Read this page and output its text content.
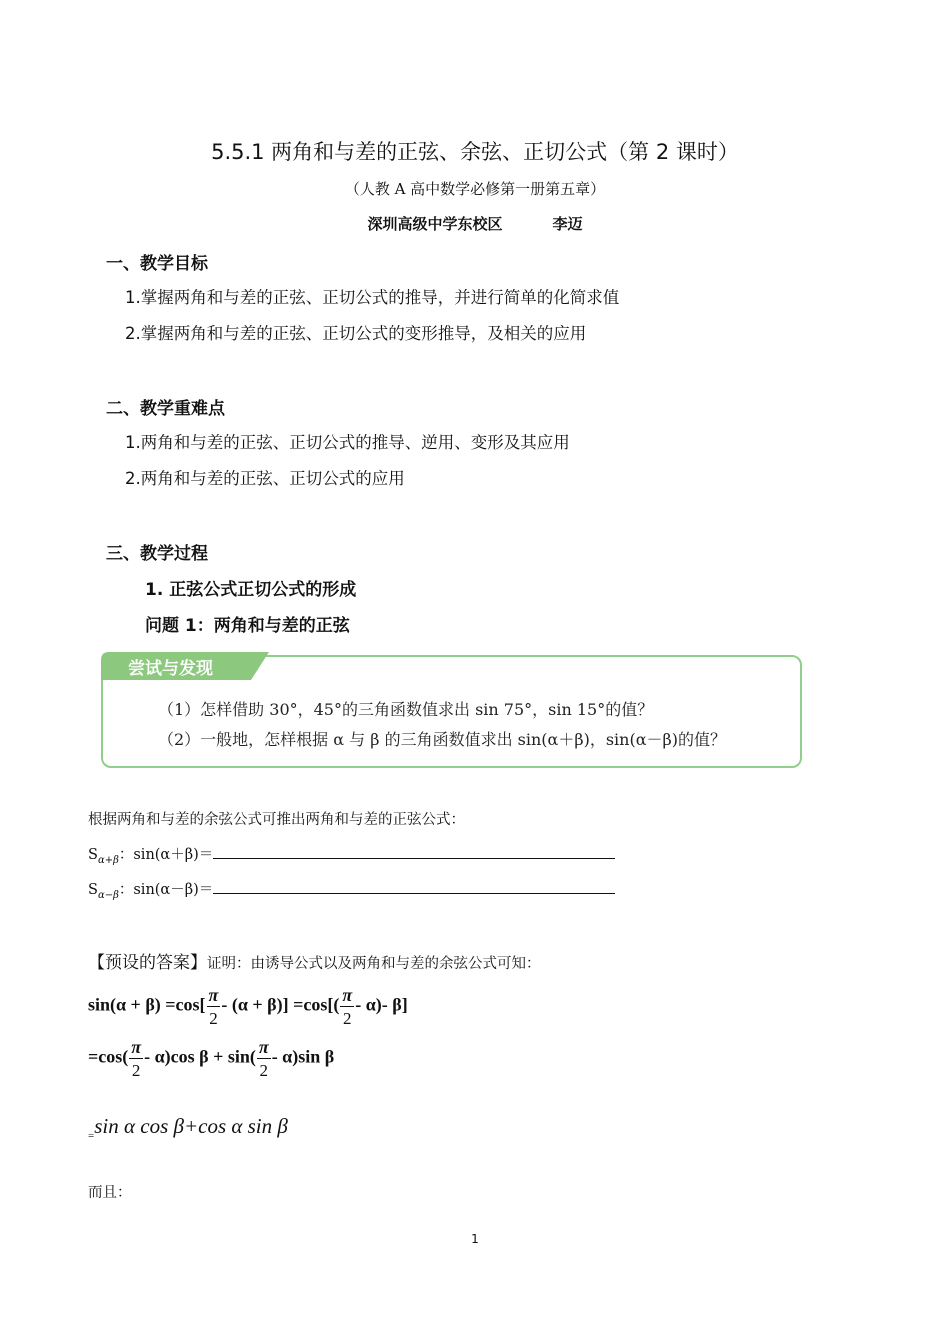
5.5.1 两角和与差的正弦、余弦、正切公式（第 2 课时）
（人教 A 高中数学必修第一册第五章）
深圳高级中学东校区	李迈
一、教学目标
1.掌握两角和与差的正弦、正切公式的推导，并进行简单的化简求值
2.掌握两角和与差的正弦、正切公式的变形推导，及相关的应用
二、教学重难点
1.两角和与差的正弦、正切公式的推导、逆用、变形及其应用
2.两角和与差的正弦、正切公式的应用
三、教学过程
1. 正弦公式正切公式的形成
问题 1：两角和与差的正弦
尝试与发现
（1）怎样借助 30°，45°的三角函数值求出 sin 75°，sin 15°的值？
（2）一般地，怎样根据 α 与 β 的三角函数值求出 sin(α＋β)，sin(α－β)的值？
根据两角和与差的余弦公式可推出两角和与差的正弦公式：
$S_{\alpha+\beta}$：sin(α＋β)＝
$S_{\alpha-\beta}$：sin(α－β)＝
【预设的答案】证明：由诱导公式以及两角和与差的余弦公式可知：
$\sin(\alpha + \beta) =\cos[ \frac{\pi}{2} - (\alpha + \beta)] =\cos[( \frac{\pi}{2} - \alpha)-$ β]
$=\cos( \frac{\pi}{2} - \alpha)\cos$ $\beta + \sin( \frac{\pi}{2} - \alpha)\sin$ β
$_=$sin α cos β+cos α sin β
而且：
1
